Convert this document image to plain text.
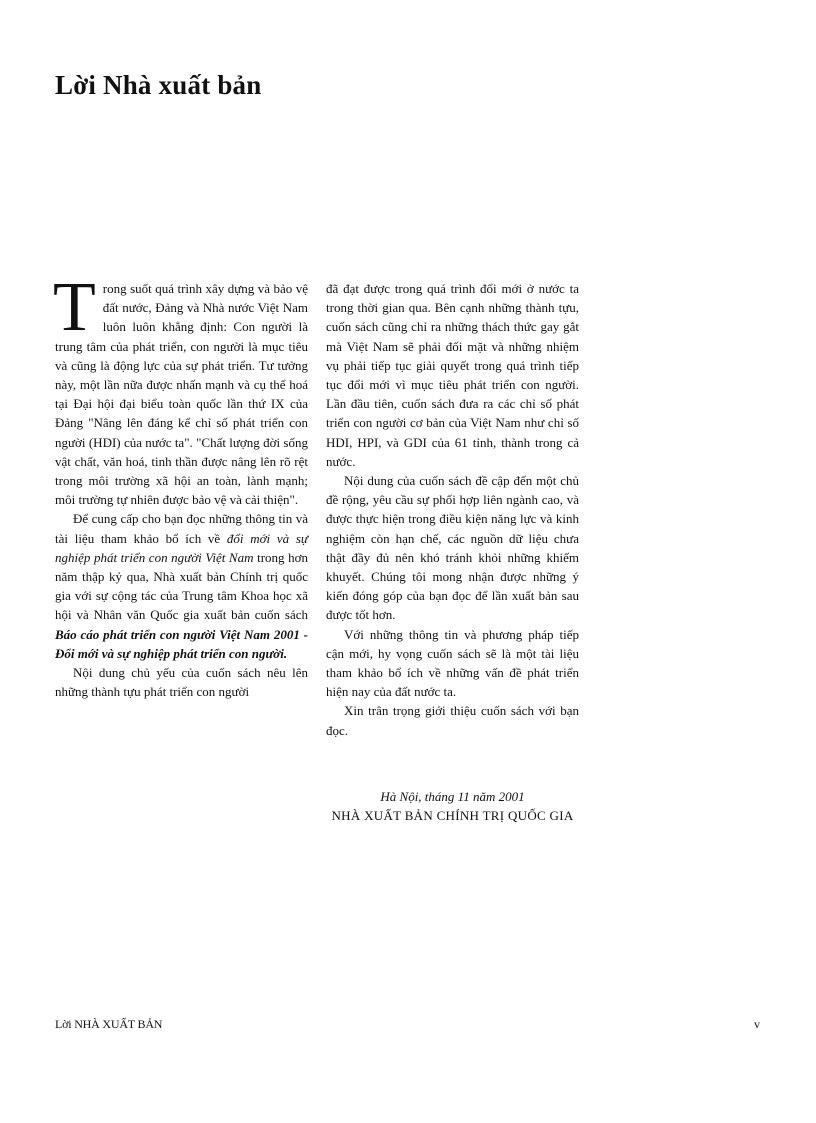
Lời Nhà xuất bản

Trong suốt quá trình xây dựng và bảo vệ đất nước, Đảng và Nhà nước Việt Nam luôn luôn khẳng định: Con người là trung tâm của phát triển, con người là mục tiêu và cũng là động lực của sự phát triển. Tư tưởng này, một lần nữa được nhấn mạnh và cụ thể hoá tại Đại hội đại biểu toàn quốc lần thứ IX của Đảng "Nâng lên đáng kể chỉ số phát triển con người (HDI) của nước ta". "Chất lượng đời sống vật chất, văn hoá, tinh thần được nâng lên rõ rệt trong môi trường xã hội an toàn, lành mạnh; môi trường tự nhiên được bảo vệ và cải thiện".

Để cung cấp cho bạn đọc những thông tin và tài liệu tham khảo bổ ích về đổi mới và sự nghiệp phát triển con người Việt Nam trong hơn năm thập kỷ qua, Nhà xuất bản Chính trị quốc gia với sự cộng tác của Trung tâm Khoa học xã hội và Nhân văn Quốc gia xuất bản cuốn sách Báo cáo phát triển con người Việt Nam 2001 - Đổi mới và sự nghiệp phát triển con người.

Nội dung chủ yếu của cuốn sách nêu lên những thành tựu phát triển con người

đã đạt được trong quá trình đổi mới ở nước ta trong thời gian qua. Bên cạnh những thành tựu, cuốn sách cũng chỉ ra những thách thức gay gắt mà Việt Nam sẽ phải đối mặt và những nhiệm vụ phải tiếp tục giải quyết trong quá trình tiếp tục đổi mới vì mục tiêu phát triển con người. Lần đầu tiên, cuốn sách đưa ra các chỉ số phát triển con người cơ bản của Việt Nam như chỉ số HDI, HPI, và GDI của 61 tỉnh, thành trong cả nước.

Nội dung của cuốn sách đề cập đến một chủ đề rộng, yêu cầu sự phối hợp liên ngành cao, và được thực hiện trong điều kiện năng lực và kinh nghiệm còn hạn chế, các nguồn dữ liệu chưa thật đầy đủ nên khó tránh khỏi những khiếm khuyết. Chúng tôi mong nhận được những ý kiến đóng góp của bạn đọc để lần xuất bản sau được tốt hơn.

Với những thông tin và phương pháp tiếp cận mới, hy vọng cuốn sách sẽ là một tài liệu tham khảo bổ ích về những vấn đề phát triển hiện nay của đất nước ta.

Xin trân trọng giới thiệu cuốn sách với bạn đọc.

Hà Nội, tháng 11 năm 2001
NHÀ XUẤT BẢN CHÍNH TRỊ QUỐC GIA
Lời NHÀ XUẤT BẢN	v
